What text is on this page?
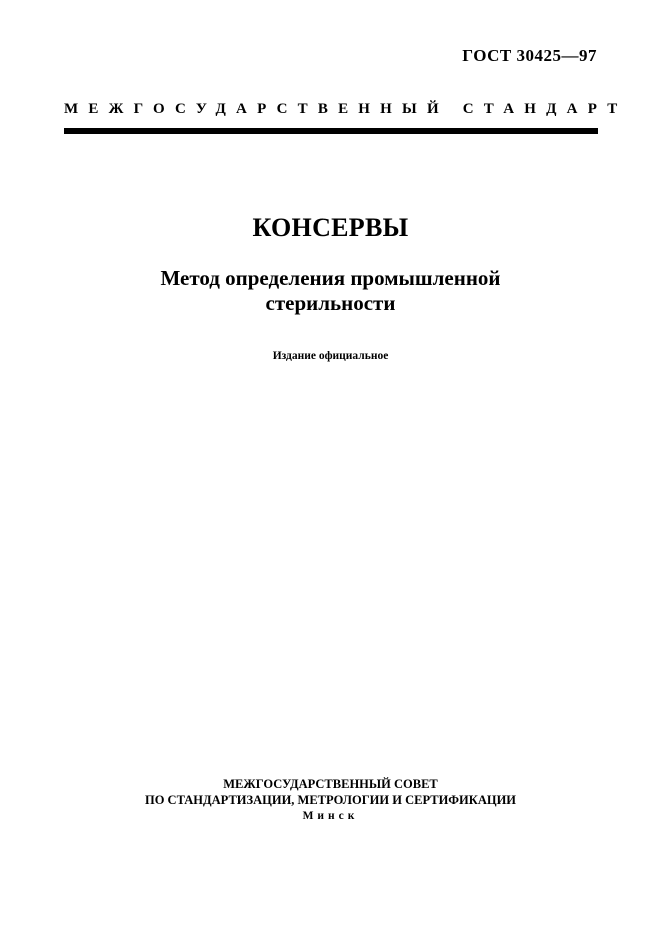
ГОСТ 30425—97
МЕЖГОСУДАРСТВЕННЫЙ СТАНДАРТ
КОНСЕРВЫ
Метод определения промышленной
стерильности
Издание официальное
МЕЖГОСУДАРСТВЕННЫЙ СОВЕТ
ПО СТАНДАРТИЗАЦИИ, МЕТРОЛОГИИ И СЕРТИФИКАЦИИ
Минск
